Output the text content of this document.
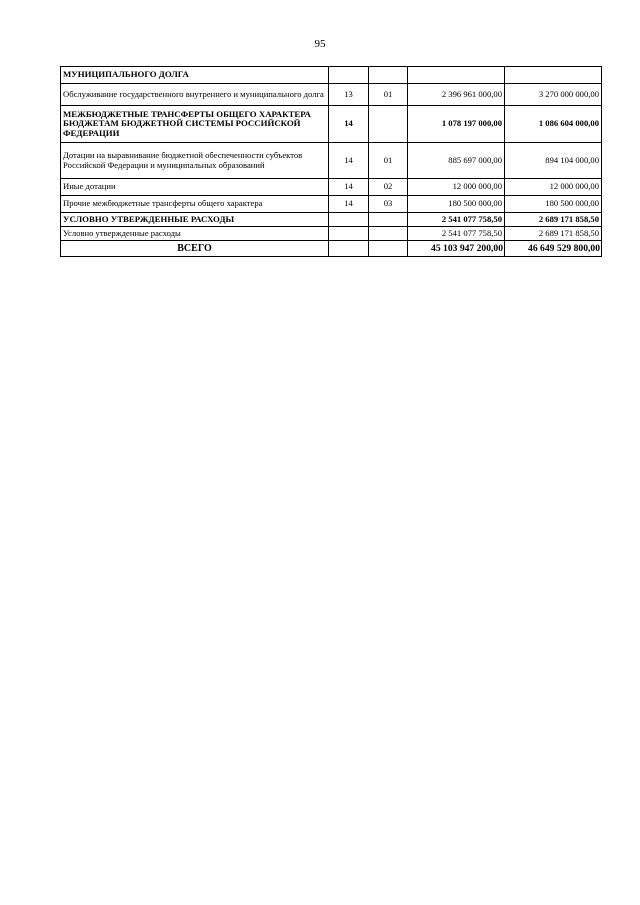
95
МУНИЦИПАЛЬНОГО ДОЛГА				
Обслуживание государственного внутреннего и муниципального долга	13	01	2 396 961 000,00	3 270 000 000,00
МЕЖБЮДЖЕТНЫЕ ТРАНСФЕРТЫ ОБЩЕГО ХАРАКТЕРА БЮДЖЕТАМ БЮДЖЕТНОЙ СИСТЕМЫ РОССИЙСКОЙ ФЕДЕРАЦИИ	14		1 078 197 000,00	1 086 604 000,00
Дотации на выравнивание бюджетной обеспеченности субъектов Российской Федерации и муниципальных образований	14	01	885 697 000,00	894 104 000,00
Иные дотации	14	02	12 000 000,00	12 000 000,00
Прочие межбюджетные трансферты общего характера	14	03	180 500 000,00	180 500 000,00
УСЛОВНО УТВЕРЖДЕННЫЕ РАСХОДЫ			2 541 077 758,50	2 689 171 858,50
Условно утвержденные расходы			2 541 077 758,50	2 689 171 858,50
ВСЕГО			45 103 947 200,00	46 649 529 800,00
